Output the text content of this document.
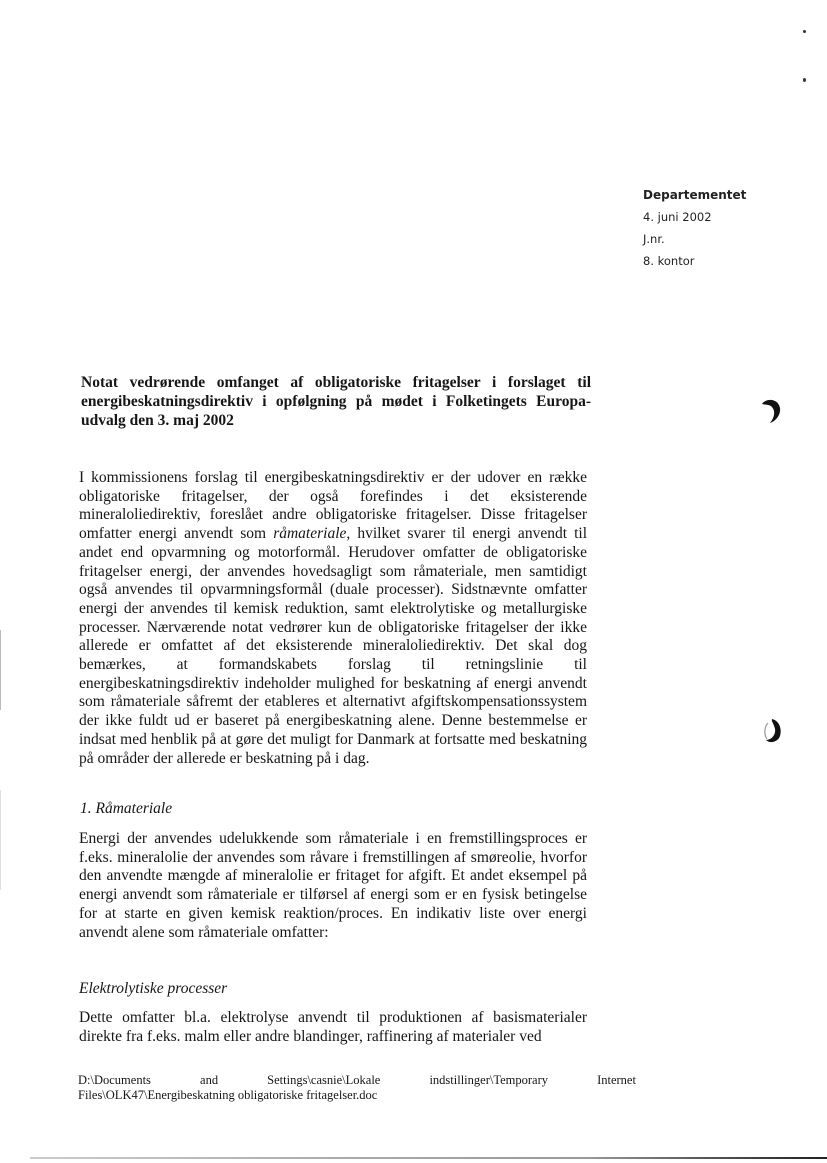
Departementet
4. juni 2002
J.nr.
8. kontor
Notat vedrørende omfanget af obligatoriske fritagelser i forslaget til energibeskatningsdirektiv i opfølgning på mødet i Folketingets Europa-udvalg den 3. maj 2002

I kommissionens forslag til energibeskatningsdirektiv er der udover en række obligatoriske fritagelser, der også forefindes i det eksisterende mineraloliedirektiv, foreslået andre obligatoriske fritagelser. Disse fritagelser omfatter energi anvendt som råmateriale, hvilket svarer til energi anvendt til andet end opvarmning og motorformål. Herudover omfatter de obligatoriske fritagelser energi, der anvendes hovedsagligt som råmateriale, men samtidigt også anvendes til opvarmningsformål (duale processer). Sidstnævnte omfatter energi der anvendes til kemisk reduktion, samt elektrolytiske og metallurgiske processer. Nærværende notat vedrører kun de obligatoriske fritagelser der ikke allerede er omfattet af det eksisterende mineraloliedirektiv. Det skal dog bemærkes, at formandskabets forslag til retningslinie til energibeskatningsdirektiv indeholder mulighed for beskatning af energi anvendt som råmateriale såfremt der etableres et alternativt afgiftskompensationssystem der ikke fuldt ud er baseret på energibeskatning alene. Denne bestemmelse er indsat med henblik på at gøre det muligt for Danmark at fortsatte med beskatning på områder der allerede er beskatning på i dag.

1. Råmateriale

Energi der anvendes udelukkende som råmateriale i en fremstillingsproces er f.eks. mineralolie der anvendes som råvare i fremstillingen af smøreolie, hvorfor den anvendte mængde af mineralolie er fritaget for afgift. Et andet eksempel på energi anvendt som råmateriale er tilførsel af energi som er en fysisk betingelse for at starte en given kemisk reaktion/proces. En indikativ liste over energi anvendt alene som råmateriale omfatter:

Elektrolytiske processer

Dette omfatter bl.a. elektrolyse anvendt til produktionen af basismaterialer direkte fra f.eks. malm eller andre blandinger, raffinering af materialer ved

D:\Documents	and	Settings\casnie\Lokale	indstillinger\Temporary	Internet
Files\OLK47\Energibeskatning obligatoriske fritagelser.doc
